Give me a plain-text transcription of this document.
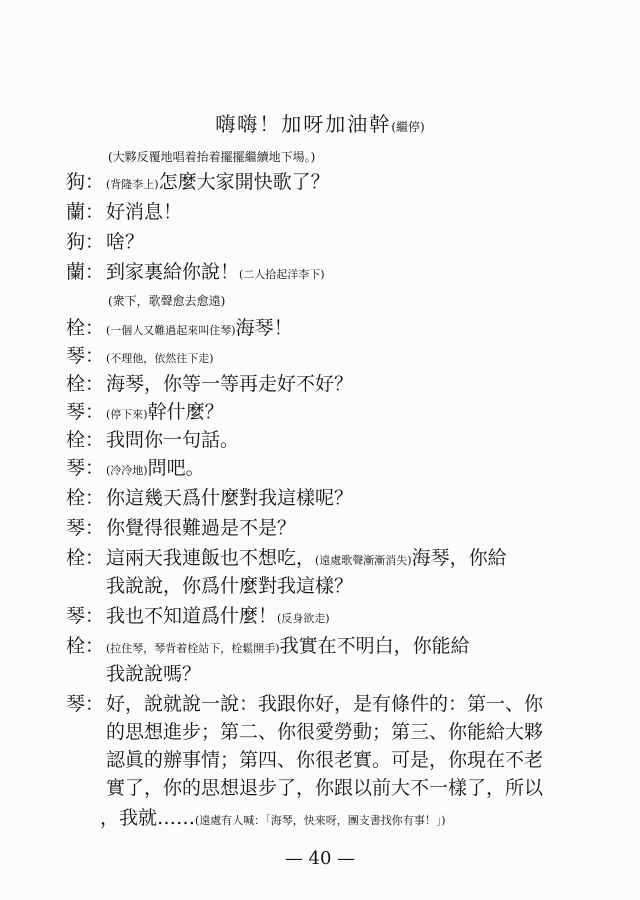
嗨嗨！加呀加油幹(繼停)
(大夥反覆地唱着抬着擺擺繼續地下場。)
狗： (背隆李上)怎麼大家開快歌了？
蘭： 好消息！
狗： 啥？
蘭： 到家裏給你說！(二人拾起洋李下)
(衆下，歌聲愈去愈遠)
栓： (一個人又難過起來叫住琴)海琴！
琴： (不理他，依然往下走)
栓： 海琴，你等一等再走好不好？
琴： (停下來)幹什麼？
栓： 我問你一句話。
琴： (冷冷地)問吧。
栓： 你這幾天爲什麼對我這樣呢？
琴： 你覺得很難過是不是？
栓： 這兩天我連飯也不想吃，(遠處歌聲漸漸消失)海琴，你給
我說說，你爲什麼對我這樣？
琴： 我也不知道爲什麼！(反身欲走)
栓： (拉住琴，琴背着栓站下，栓鬆開手)我實在不明白，你能給
我說說嗎？
琴： 好，說就說一說：我跟你好，是有條件的：第一、你
的思想進步；第二、你很愛勞動；第三、你能給大夥
認眞的辦事情；第四、你很老實。可是，你現在不老
實了，你的思想退步了，你跟以前大不一樣了，所以
，我就……(遠處有人喊：「海琴，快來呀，團支書找你有事！」)
— 40 —
